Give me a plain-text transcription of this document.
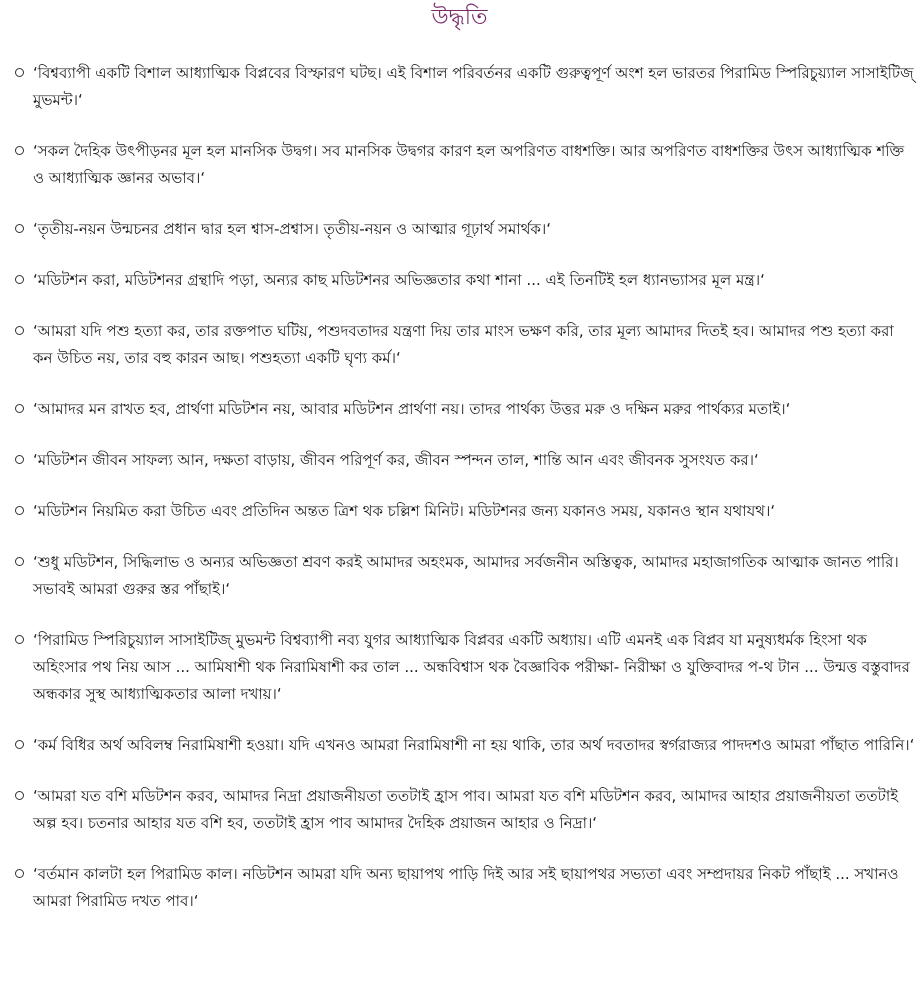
উদ্ধৃতি
‘বিশ্বব্যাপী একটি বিশাল আধ্যাত্মিক বিপ্লবের বিস্ফারণ ঘটছ। এই বিশাল পরিবর্তনর একটি গুরুত্বপূর্ণ অংশ হল ভারতর পিরামিড স্পিরিচুয়্যাল সাসাইটিজ্ মুভমন্ট।‘
‘সকল দৈহিক উৎপীড়নর মূল হল মানসিক উদ্বগ। সব মানসিক উদ্বগর কারণ হল অপরিণত বাধশক্তি। আর অপরিণত বাধশক্তির উৎস আধ্যাত্মিক শক্তি ও আধ্যাত্মিক জ্ঞানর অভাব।‘
‘তৃতীয়-নয়ন উন্মচনর প্রধান দ্বার হল শ্বাস-প্রশ্বাস। তৃতীয়-নয়ন ও আত্মার গূঢ়ার্থ সমার্থক।‘
‘মডিটশন করা, মডিটশনর গ্রন্থাদি পড়া, অন্যর কাছ মডিটশনর অভিজ্ঞতার কথা শানা ... এই তিনটিই হল ধ্যানভ্যাসর মূল মন্ত্র।‘
‘আমরা যদি পশু হত্যা কর, তার রক্তপাত ঘটিয়, পশুদবতাদর যন্ত্রণা দিয় তার মাংস ভক্ষণ করি, তার মূল্য আমাদর দিতই হব। আমাদর পশু হত্যা করা কন উচিত নয়, তার বহু কারন আছ। পশুহত্যা একটি ঘৃণ্য কর্ম।‘
‘আমাদর মন রাখত হব, প্রার্থণা মডিটশন নয়, আবার মডিটশন প্রার্থণা নয়। তাদর পার্থক্য উত্তর মরু ও দক্ষিন মরুর পার্থক্যর মতাই।‘
‘মডিটশন জীবন সাফল্য আন, দক্ষতা বাড়ায়, জীবন পরিপূর্ণ কর, জীবন স্পন্দন তাল, শান্তি আন এবং জীবনক সুসংযত কর।‘
‘মডিটশন নিয়মিত করা উচিত এবং প্রতিদিন অন্তত ত্রিশ থক চল্লিশ মিনিট। মডিটশনর জন্য যকানও সময়, যকানও স্থান যথাযথ।‘
‘শুধু মডিটশন, সিদ্ধিলাভ ও অন্যর অভিজ্ঞতা শ্রবণ করই আমাদর অহংমক, আমাদর সর্বজনীন অস্তিত্বক, আমাদর মহাজাগতিক আত্মাক জানত পারি। সভাবই আমরা গুরুর স্তর পাঁছাই।‘
‘পিরামিড স্পিরিচুয়্যাল সাসাইটিজ্ মুভমন্ট বিশ্বব্যাপী নব্য যুগর আধ্যাত্মিক বিপ্লবর একটি অধ্যায়। এটি এমনই এক বিপ্লব যা মনুষ্যধর্মক হিংসা থক অহিংসার পথ নিয় আস ... আমিষাশী থক নিরামিষাশী কর তাল ... অন্ধবিশ্বাস থক বৈজ্ঞাবিক পরীক্ষা- নিরীক্ষা ও যুক্তিবাদর প-থ টান ... উন্মত্ত বস্তুবাদর অন্ধকার সুস্থ আধ্যাত্মিকতার আলা দখায়।‘
‘কর্ম বিধির অর্থ অবিলম্ব নিরামিষাশী হওয়া। যদি এখনও আমরা নিরামিষাশী না হয় থাকি, তার অর্থ দবতাদর স্বর্গরাজ্যর পাদদশও আমরা পাঁছাত পারিনি।‘
‘আমরা যত বশি মডিটশন করব, আমাদর নিদ্রা প্রয়াজনীয়তা ততটাই হ্রাস পাব। আমরা যত বশি মডিটশন করব, আমাদর আহার প্রয়াজনীয়তা ততটাই অল্প হব। চতনার আহার যত বশি হব, ততটাই হ্রাস পাব আমাদর দৈহিক প্রয়াজন আহার ও নিদ্রা।‘
‘বর্তমান কালটা হল পিরামিড কাল। নডিটশন আমরা যদি অন্য ছায়াপথ পাড়ি দিই আর সই ছায়াপথর সভ্যতা এবং সম্প্রদায়র নিকট পাঁছাই ... সখানও আমরা পিরামিড দখত পাব।‘
